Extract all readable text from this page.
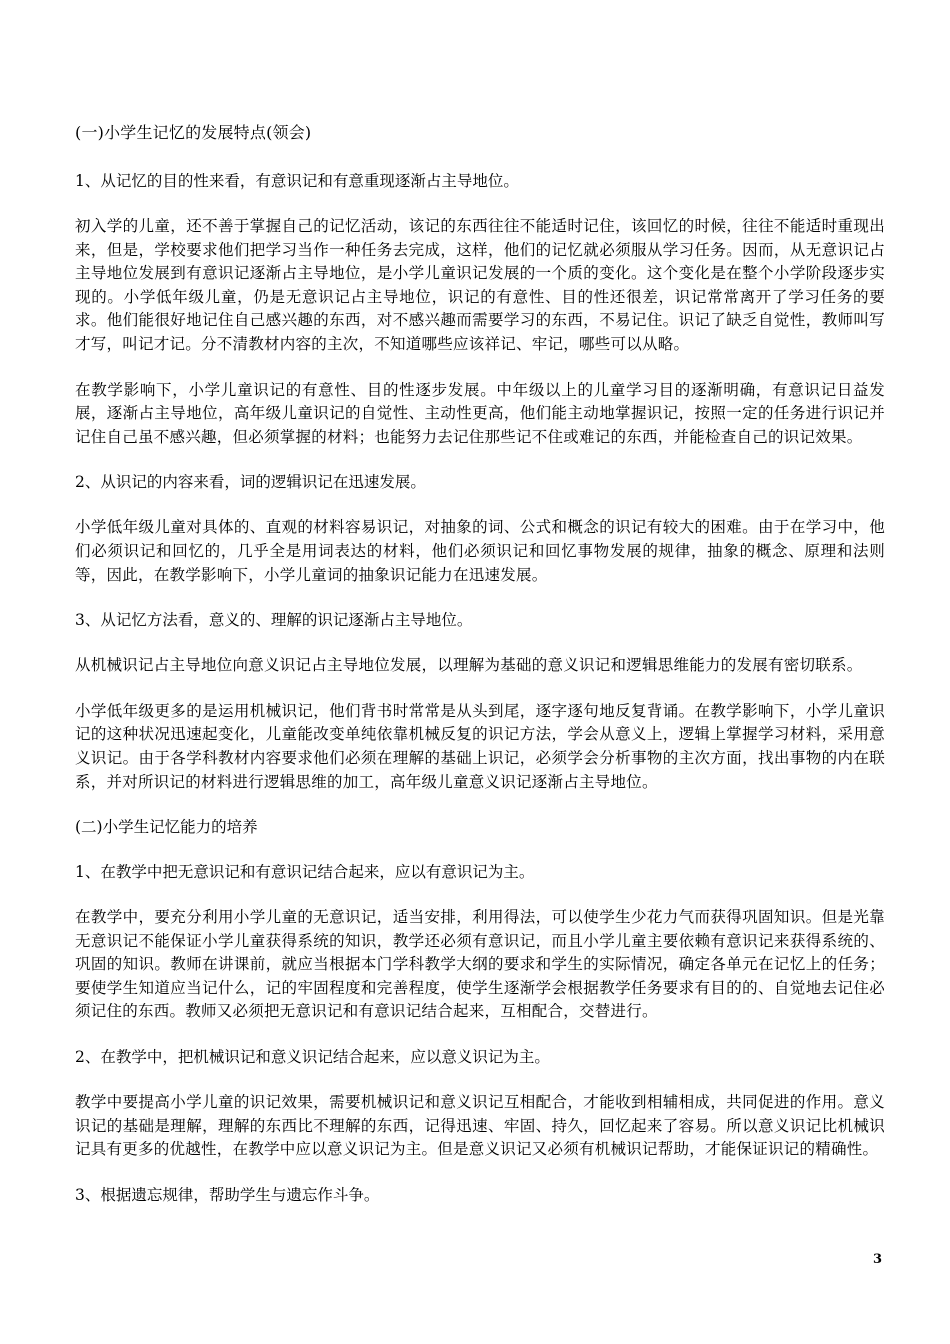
(一)小学生记忆的发展特点(领会)

1、从记忆的目的性来看，有意识记和有意重现逐渐占主导地位。

初入学的儿童，还不善于掌握自己的记忆活动，该记的东西往往不能适时记住，该回忆的时候，往往不能适时重现出来，但是，学校要求他们把学习当作一种任务去完成，这样，他们的记忆就必须服从学习任务。因而，从无意识记占主导地位发展到有意识记逐渐占主导地位，是小学儿童识记发展的一个质的变化。这个变化是在整个小学阶段逐步实现的。小学低年级儿童，仍是无意识记占主导地位，识记的有意性、目的性还很差，识记常常离开了学习任务的要求。他们能很好地记住自己感兴趣的东西，对不感兴趣而需要学习的东西，不易记住。识记了缺乏自觉性，教师叫写才写，叫记才记。分不清教材内容的主次，不知道哪些应该祥记、牢记，哪些可以从略。

在教学影响下，小学儿童识记的有意性、目的性逐步发展。中年级以上的儿童学习目的逐渐明确，有意识记日益发展，逐渐占主导地位，高年级儿童识记的自觉性、主动性更高，他们能主动地掌握识记，按照一定的任务进行识记并记住自己虽不感兴趣，但必须掌握的材料；也能努力去记住那些记不住或难记的东西，并能检查自己的识记效果。

2、从识记的内容来看，词的逻辑识记在迅速发展。

小学低年级儿童对具体的、直观的材料容易识记，对抽象的词、公式和概念的识记有较大的困难。由于在学习中，他们必须识记和回忆的，几乎全是用词表达的材料，他们必须识记和回忆事物发展的规律，抽象的概念、原理和法则等，因此，在教学影响下，小学儿童词的抽象识记能力在迅速发展。

3、从记忆方法看，意义的、理解的识记逐渐占主导地位。

从机械识记占主导地位向意义识记占主导地位发展，以理解为基础的意义识记和逻辑思维能力的发展有密切联系。

小学低年级更多的是运用机械识记，他们背书时常常是从头到尾，逐字逐句地反复背诵。在教学影响下，小学儿童识记的这种状况迅速起变化，儿童能改变单纯依靠机械反复的识记方法，学会从意义上，逻辑上掌握学习材料，采用意义识记。由于各学科教材内容要求他们必须在理解的基础上识记，必须学会分析事物的主次方面，找出事物的内在联系，并对所识记的材料进行逻辑思维的加工，高年级儿童意义识记逐渐占主导地位。

(二)小学生记忆能力的培养

1、在教学中把无意识记和有意识记结合起来，应以有意识记为主。

在教学中，要充分利用小学儿童的无意识记，适当安排，利用得法，可以使学生少花力气而获得巩固知识。但是光靠无意识记不能保证小学儿童获得系统的知识，教学还必须有意识记，而且小学儿童主要依赖有意识记来获得系统的、巩固的知识。教师在讲课前，就应当根据本门学科教学大纲的要求和学生的实际情况，确定各单元在记忆上的任务；要使学生知道应当记什么，记的牢固程度和完善程度，使学生逐渐学会根据教学任务要求有目的的、自觉地去记住必须记住的东西。教师又必须把无意识记和有意识记结合起来，互相配合，交替进行。

2、在教学中，把机械识记和意义识记结合起来，应以意义识记为主。

教学中要提高小学儿童的识记效果，需要机械识记和意义识记互相配合，才能收到相辅相成，共同促进的作用。意义识记的基础是理解，理解的东西比不理解的东西，记得迅速、牢固、持久，回忆起来了容易。所以意义识记比机械识记具有更多的优越性，在教学中应以意义识记为主。但是意义识记又必须有机械识记帮助，才能保证识记的精确性。

3、根据遗忘规律，帮助学生与遗忘作斗争。

3
